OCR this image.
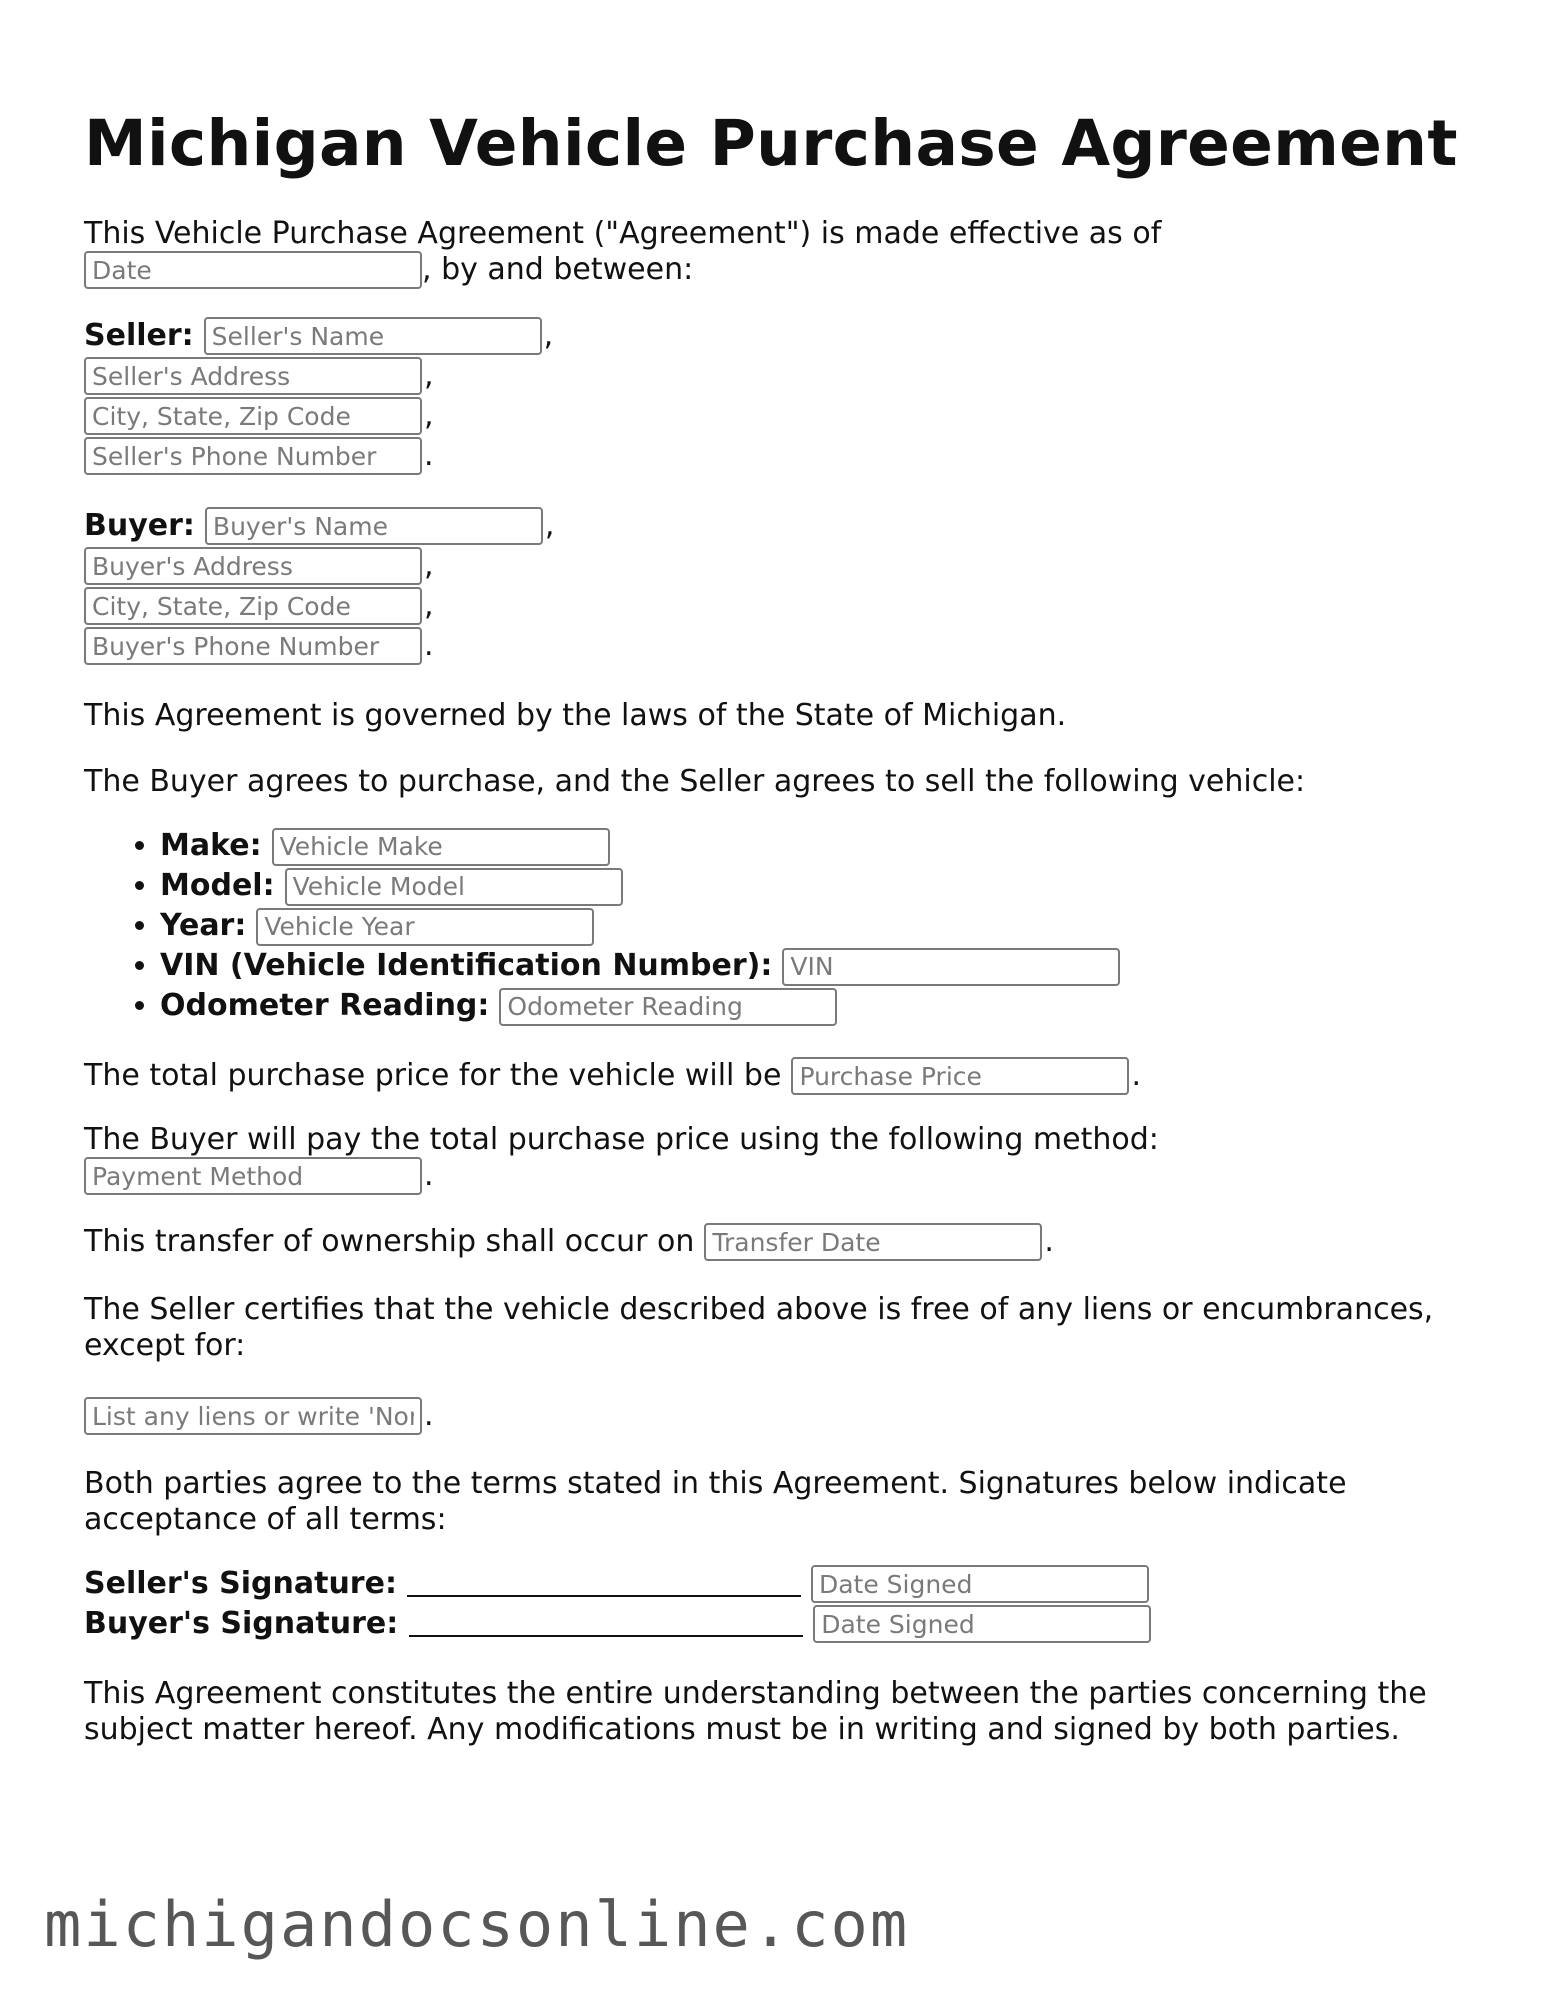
Michigan Vehicle Purchase Agreement

This Vehicle Purchase Agreement ("Agreement") is made effective as of

Date
, by and between:
Seller:
Seller's Name	,
Seller's Address
,
City, State, Zip Code
,
Seller's Phone Number
.
Buyer:
Buyer's Name	,
Buyer's Address
,
City, State, Zip Code
,
Buyer's Phone Number
.

This Agreement is governed by the laws of the State of Michigan.

The Buyer agrees to purchase, and the Seller agrees to sell the following vehicle:

• Make:Vehicle Make
• Model:Vehicle Model
• Year:Vehicle Year
• VIN (Vehicle Identification Number):VIN
• Odometer Reading:Odometer Reading
The total purchase price for the vehicle will be
Purchase Price	.

The Buyer will pay the total purchase price using the following method:

Payment Method
.
This transfer of ownership shall occur on
Transfer Date	.

The Seller certifies that the vehicle described above is free of any liens or encumbrances, except for:

List any liens or write 'None'
.

Both parties agree to the terms stated in this Agreement. Signatures below indicate acceptance of all terms:

Seller's Signature:
Date Signed
Buyer's Signature:
Date Signed

This Agreement constitutes the entire understanding between the parties concerning the subject matter hereof. Any modifications must be in writing and signed by both parties.

michigandocsonline.com
